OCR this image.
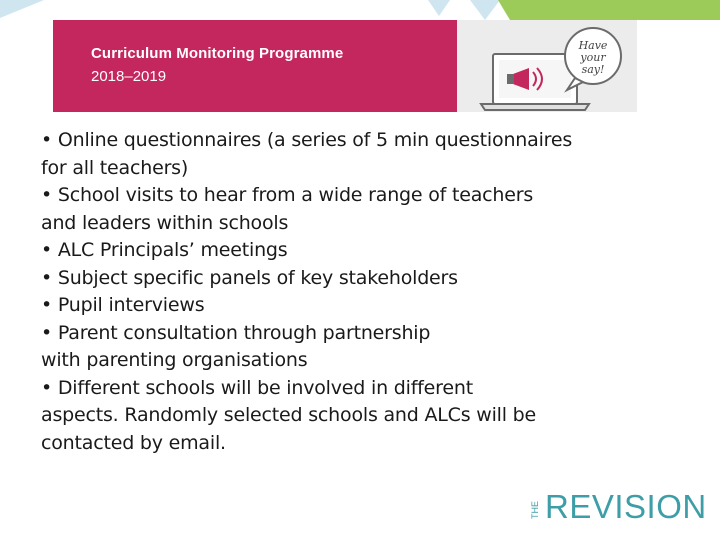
Curriculum Monitoring Programme
2018–2019
Have
your
say!
• Online questionnaires (a series of 5 min questionnaires
for all teachers)
• School visits to hear from a wide range of teachers
and leaders within schools
• ALC Principals’ meetings
• Subject specific panels of key stakeholders
• Pupil interviews
• Parent consultation through partnership
with parenting organisations
• Different schools will be involved in different
aspects. Randomly selected schools and ALCs will be
contacted by email.
THE REVISION
